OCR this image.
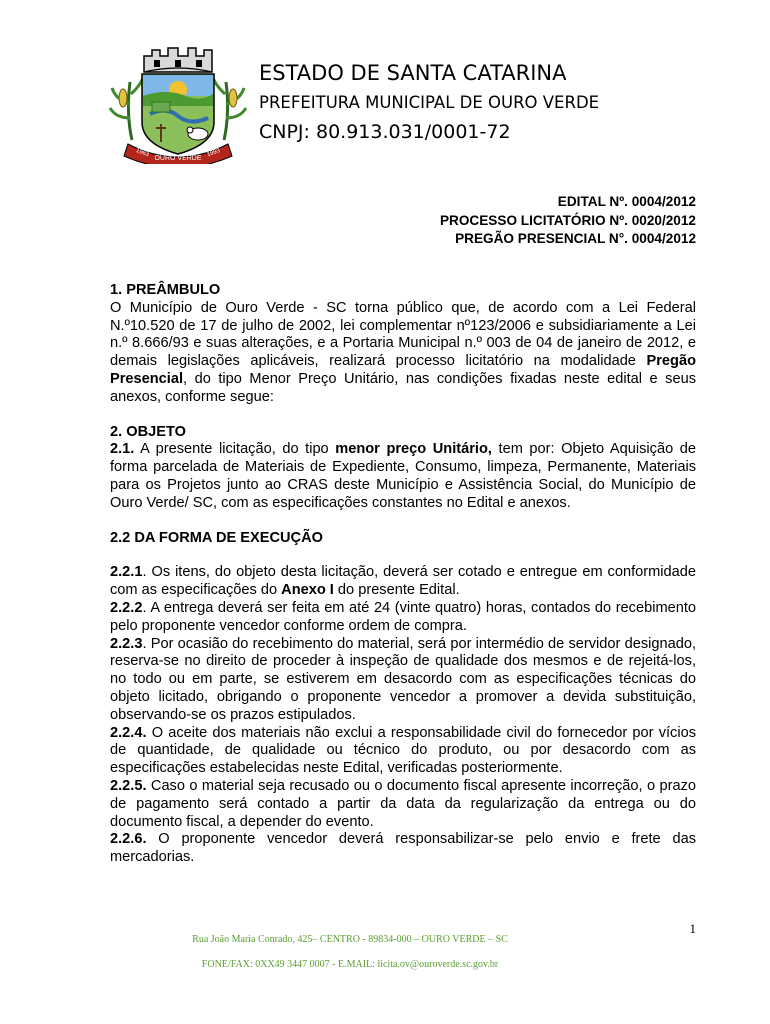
OURO VERDE
1963	1993
ESTADO DE SANTA CATARINA
PREFEITURA MUNICIPAL DE OURO VERDE
CNPJ: 80.913.031/0001-72
EDITAL Nº. 0004/2012
PROCESSO LICITATÓRIO Nº. 0020/2012
PREGÃO PRESENCIAL N°. 0004/2012

1. PREÂMBULO

O Município de Ouro Verde - SC torna público que, de acordo com a Lei Federal N.º10.520 de 17 de julho de 2002, lei complementar nº123/2006 e subsidiariamente a Lei n.º 8.666/93 e suas alterações, e a Portaria Municipal n.º 003 de 04 de janeiro de 2012, e demais legislações aplicáveis, realizará processo licitatório na modalidade Pregão Presencial, do tipo Menor Preço Unitário, nas condições fixadas neste edital e seus anexos, conforme segue:

2. OBJETO

2.1. A presente licitação, do tipo menor preço Unitário, tem por: Objeto Aquisição de forma parcelada de Materiais de Expediente, Consumo, limpeza, Permanente, Materiais para os Projetos junto ao CRAS deste Município e Assistência Social, do Município de Ouro Verde/ SC, com as especificações constantes no Edital e anexos.

2.2 DA FORMA DE EXECUÇÃO

2.2.1. Os itens, do objeto desta licitação, deverá ser cotado e entregue em conformidade com as especificações do Anexo I do presente Edital.

2.2.2. A entrega deverá ser feita em até 24 (vinte quatro) horas, contados do recebimento pelo proponente vencedor conforme ordem de compra.

2.2.3. Por ocasião do recebimento do material, será por intermédio de servidor designado, reserva-se no direito de proceder à inspeção de qualidade dos mesmos e de rejeitá-los, no todo ou em parte, se estiverem em desacordo com as especificações técnicas do objeto licitado, obrigando o proponente vencedor a promover a devida substituição, observando-se os prazos estipulados.

2.2.4. O aceite dos materiais não exclui a responsabilidade civil do fornecedor por vícios de quantidade, de qualidade ou técnico do produto, ou por desacordo com as especificações estabelecidas neste Edital, verificadas posteriormente.

2.2.5. Caso o material seja recusado ou o documento fiscal apresente incorreção, o prazo de pagamento será contado a partir da data da regularização da entrega ou do documento fiscal, a depender do evento.

2.2.6. O proponente vencedor deverá responsabilizar-se pelo envio e frete das mercadorias.

1
Rua João Maria Conrado, 425– CENTRO - 89834-000 – OURO VERDE – SC
FONE/FAX: 0XX49 3447 0007 - E.MAIL: licita.ov@ouroverde.sc.gov.br
